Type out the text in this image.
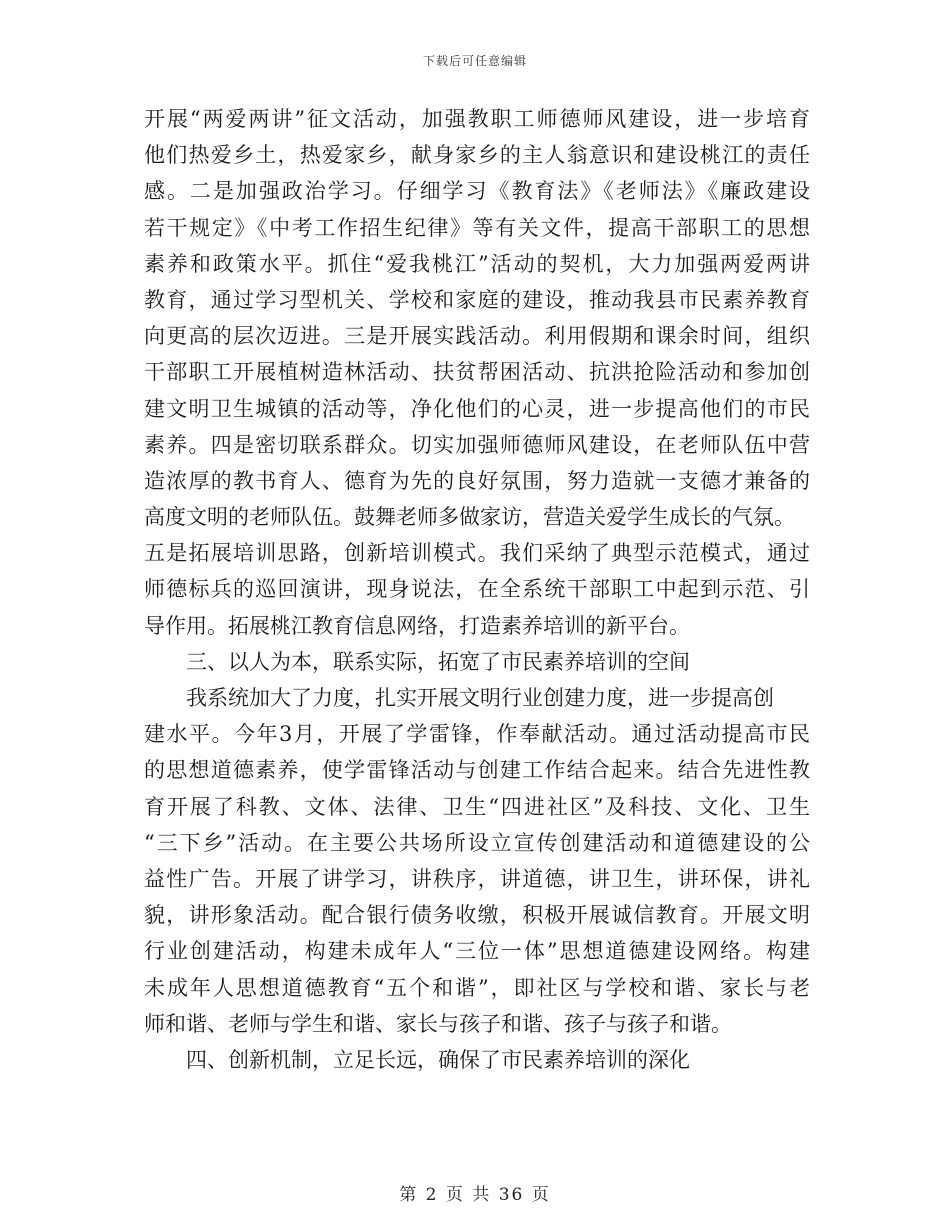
下载后可任意编辑
开展“两爱两讲”征文活动，加强教职工师德师风建设，进一步培育
他们热爱乡土，热爱家乡，献身家乡的主人翁意识和建设桃江的责任
感。二是加强政治学习。仔细学习《教育法》《老师法》《廉政建设
若干规定》《中考工作招生纪律》等有关文件，提高干部职工的思想
素养和政策水平。抓住“爱我桃江”活动的契机，大力加强两爱两讲
教育，通过学习型机关、学校和家庭的建设，推动我县市民素养教育
向更高的层次迈进。三是开展实践活动。利用假期和课余时间，组织
干部职工开展植树造林活动、扶贫帮困活动、抗洪抢险活动和参加创
建文明卫生城镇的活动等，净化他们的心灵，进一步提高他们的市民
素养。四是密切联系群众。切实加强师德师风建设，在老师队伍中营
造浓厚的教书育人、德育为先的良好氛围，努力造就一支德才兼备的
高度文明的老师队伍。鼓舞老师多做家访，营造关爱学生成长的气氛。
五是拓展培训思路，创新培训模式。我们采纳了典型示范模式，通过
师德标兵的巡回演讲，现身说法，在全系统干部职工中起到示范、引
导作用。拓展桃江教育信息网络，打造素养培训的新平台。
三、以人为本，联系实际，拓宽了市民素养培训的空间
我系统加大了力度，扎实开展文明行业创建力度，进一步提高创
建水平。今年3月，开展了学雷锋，作奉献活动。通过活动提高市民
的思想道德素养，使学雷锋活动与创建工作结合起来。结合先进性教
育开展了科教、文体、法律、卫生“四进社区”及科技、文化、卫生
“三下乡”活动。在主要公共场所设立宣传创建活动和道德建设的公
益性广告。开展了讲学习，讲秩序，讲道德，讲卫生，讲环保，讲礼
貌，讲形象活动。配合银行债务收缴，积极开展诚信教育。开展文明
行业创建活动，构建未成年人“三位一体”思想道德建设网络。构建
未成年人思想道德教育“五个和谐”，即社区与学校和谐、家长与老
师和谐、老师与学生和谐、家长与孩子和谐、孩子与孩子和谐。
四、创新机制，立足长远，确保了市民素养培训的深化
第 2 页 共 36 页
